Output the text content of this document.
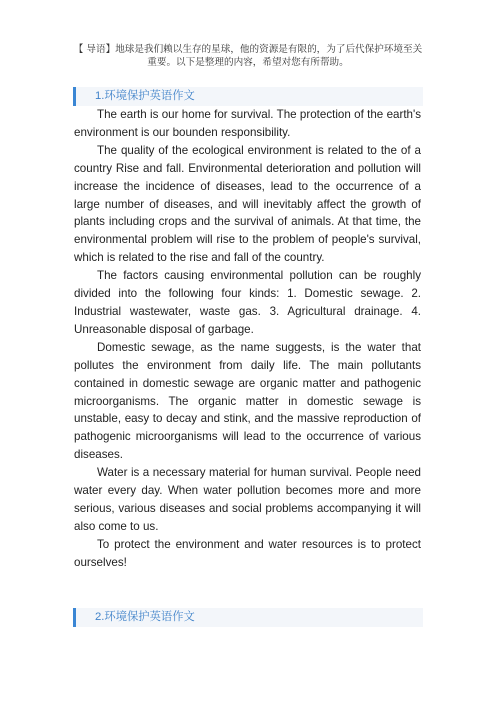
【 导语】地球是我们赖以生存的星球，他的资源是有限的，为了后代保护环境至关重要。以下是整理的内容，希望对您有所帮助。
1.环境保护英语作文

The earth is our home for survival. The protection of the earth's environment is our bounden responsibility.

The quality of the ecological environment is related to the of a country Rise and fall. Environmental deterioration and pollution will increase the incidence of diseases, lead to the occurrence of a large number of diseases, and will inevitably affect the growth of plants including crops and the survival of animals. At that time, the environmental problem will rise to the problem of people's survival, which is related to the rise and fall of the country.

The factors causing environmental pollution can be roughly divided into the following four kinds: 1. Domestic sewage. 2. Industrial wastewater, waste gas. 3. Agricultural drainage. 4. Unreasonable disposal of garbage.

Domestic sewage, as the name suggests, is the water that pollutes the environment from daily life. The main pollutants contained in domestic sewage are organic matter and pathogenic microorganisms. The organic matter in domestic sewage is unstable, easy to decay and stink, and the massive reproduction of pathogenic microorganisms will lead to the occurrence of various diseases.

Water is a necessary material for human survival. People need water every day. When water pollution becomes more and more serious, various diseases and social problems accompanying it will also come to us.

To protect the environment and water resources is to protect ourselves!

2.环境保护英语作文
